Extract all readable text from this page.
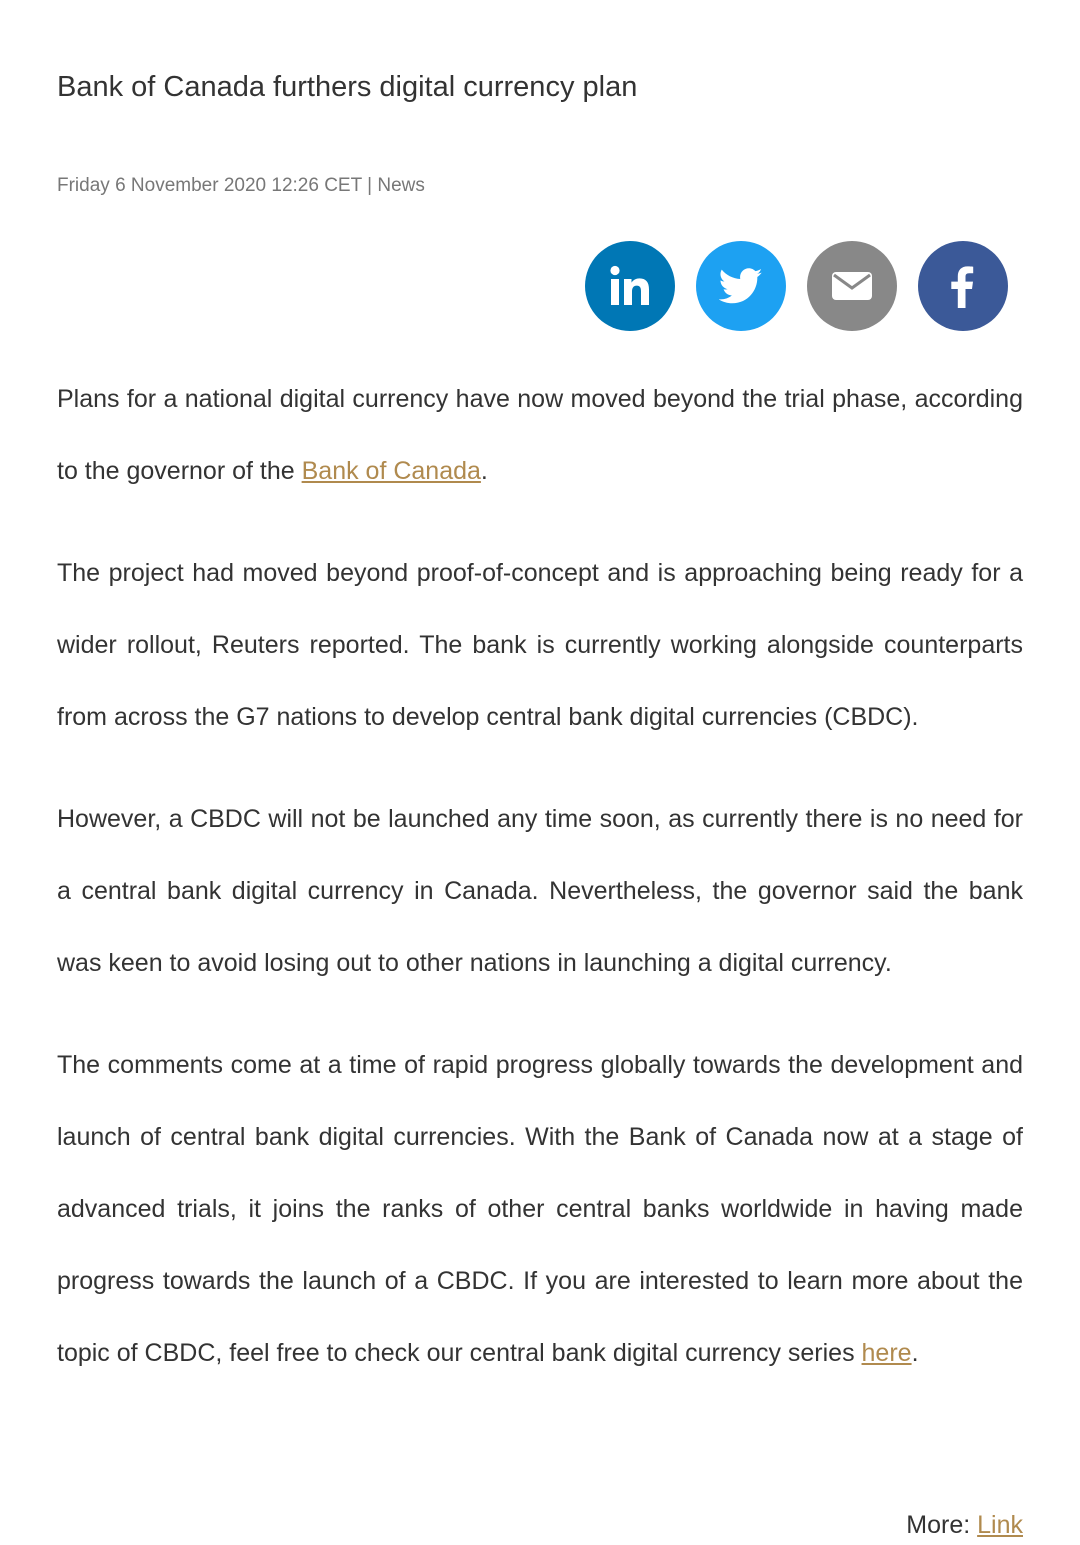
Bank of Canada furthers digital currency plan
Friday 6 November 2020 12:26 CET | News

Plans for a national digital currency have now moved beyond the trial phase, according to the governor of the Bank of Canada.

The project had moved beyond proof-of-concept and is approaching being ready for a wider rollout, Reuters reported. The bank is currently working alongside counterparts from across the G7 nations to develop central bank digital currencies (CBDC).

However, a CBDC will not be launched any time soon, as currently there is no need for a central bank digital currency in Canada. Nevertheless, the governor said the bank was keen to avoid losing out to other nations in launching a digital currency.

The comments come at a time of rapid progress globally towards the development and launch of central bank digital currencies. With the Bank of Canada now at a stage of advanced trials, it joins the ranks of other central banks worldwide in having made progress towards the launch of a CBDC. If you are interested to learn more about the topic of CBDC, feel free to check our central bank digital currency series here.

More: Link
